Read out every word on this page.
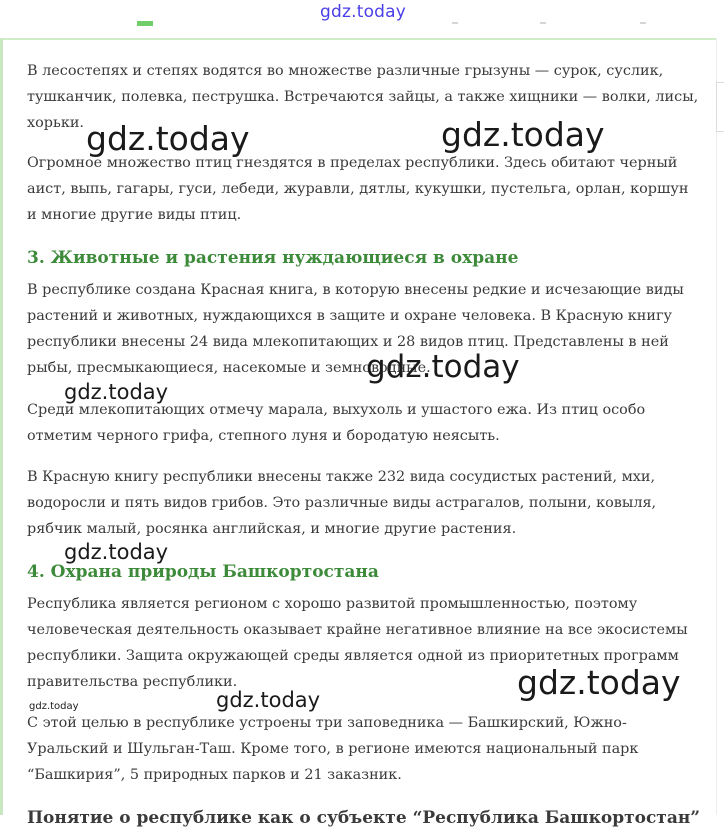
gdz.today

В лесостепях и степях водятся во множестве различные грызуны — сурок, суслик, тушканчик, полевка, пеструшка. Встречаются зайцы, а также хищники — волки, лисы, хорьки.

Огромное множество птиц гнездятся в пределах республики. Здесь обитают черный аист, выпь, гагары, гуси, лебеди, журавли, дятлы, кукушки, пустельга, орлан, коршун и многие другие виды птиц.

3. Животные и растения нуждающиеся в охране

В республике создана Красная книга, в которую внесены редкие и исчезающие виды растений и животных, нуждающихся в защите и охране человека. В Красную книгу республики внесены 24 вида млекопитающих и 28 видов птиц. Представлены в ней рыбы, пресмыкающиеся, насекомые и земноводные.

Среди млекопитающих отмечу марала, выхухоль и ушастого ежа. Из птиц особо отметим черного грифа, степного луня и бородатую неясыть.

В Красную книгу республики внесены также 232 вида сосудистых растений, мхи, водоросли и пять видов грибов. Это различные виды астрагалов, полыни, ковыля, рябчик малый, росянка английская, и многие другие растения.

4. Охрана природы Башкортостана

Республика является регионом с хорошо развитой промышленностью, поэтому человеческая деятельность оказывает крайне негативное влияние на все экосистемы республики. Защита окружающей среды является одной из приоритетных программ правительства республики.

С этой целью в республике устроены три заповедника — Башкирский, Южно-Уральский и Шульган-Таш. Кроме того, в регионе имеются национальный парк “Башкирия”, 5 природных парков и 21 заказник.

Понятие о республике как о субъекте “Республика Башкортостан”
gdz.today	gdz.today
gdz.today
gdz.today
gdz.today
gdz.today
gdz.today
gdz.today
